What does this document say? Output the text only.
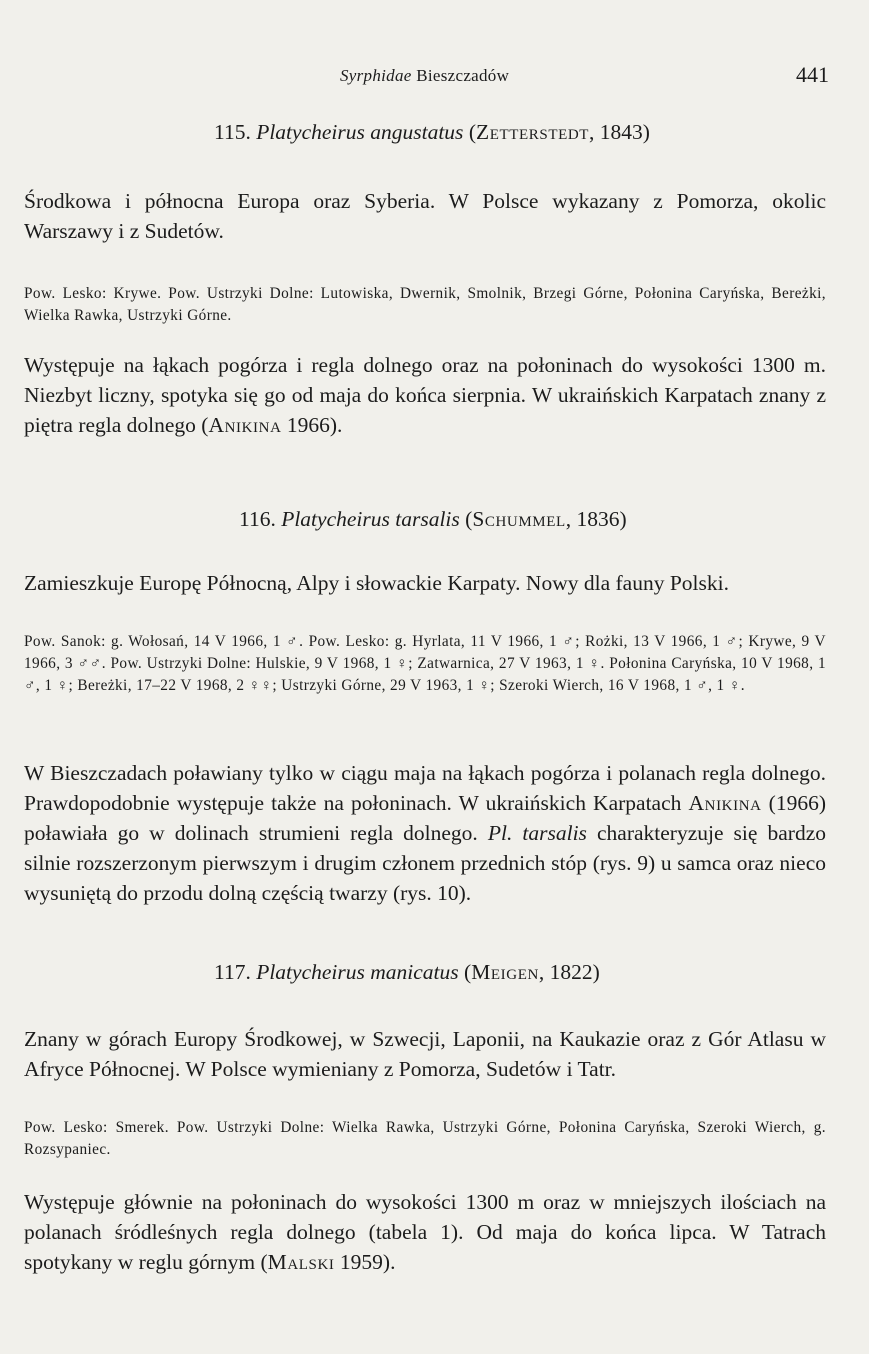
Syrphidae Bieszczadów	441
115. Platycheirus angustatus (Zetterstedt, 1843)
Środkowa i północna Europa oraz Syberia. W Polsce wykazany z Pomorza, okolic Warszawy i z Sudetów.
Pow. Lesko: Krywe. Pow. Ustrzyki Dolne: Lutowiska, Dwernik, Smolnik, Brzegi Górne, Połonina Caryńska, Bereżki, Wielka Rawka, Ustrzyki Górne.
Występuje na łąkach pogórza i regla dolnego oraz na połoninach do wysokości 1300 m. Niezbyt liczny, spotyka się go od maja do końca sierpnia. W ukraińskich Karpatach znany z piętra regla dolnego (Anikina 1966).
116. Platycheirus tarsalis (Schummel, 1836)
Zamieszkuje Europę Północną, Alpy i słowackie Karpaty. Nowy dla fauny Polski.
Pow. Sanok: g. Wołosań, 14 V 1966, 1 ♂. Pow. Lesko: g. Hyrlata, 11 V 1966, 1 ♂; Rożki, 13 V 1966, 1 ♂; Krywe, 9 V 1966, 3 ♂♂. Pow. Ustrzyki Dolne: Hulskie, 9 V 1968, 1 ♀; Zatwarnica, 27 V 1963, 1 ♀. Połonina Caryńska, 10 V 1968, 1 ♂, 1 ♀; Bereżki, 17–22 V 1968, 2 ♀♀; Ustrzyki Górne, 29 V 1963, 1 ♀; Szeroki Wierch, 16 V 1968, 1 ♂, 1 ♀.
W Bieszczadach poławiany tylko w ciągu maja na łąkach pogórza i polanach regla dolnego. Prawdopodobnie występuje także na połoninach. W ukraińskich Karpatach Anikina (1966) poławiała go w dolinach strumieni regla dolnego. Pl. tarsalis charakteryzuje się bardzo silnie rozszerzonym pierwszym i drugim członem przednich stóp (rys. 9) u samca oraz nieco wysuniętą do przodu dolną częścią twarzy (rys. 10).
117. Platycheirus manicatus (Meigen, 1822)
Znany w górach Europy Środkowej, w Szwecji, Laponii, na Kaukazie oraz z Gór Atlasu w Afryce Północnej. W Polsce wymieniany z Pomorza, Sudetów i Tatr.
Pow. Lesko: Smerek. Pow. Ustrzyki Dolne: Wielka Rawka, Ustrzyki Górne, Połonina Caryńska, Szeroki Wierch, g. Rozsypaniec.
Występuje głównie na połoninach do wysokości 1300 m oraz w mniejszych ilościach na polanach śródleśnych regla dolnego (tabela 1). Od maja do końca lipca. W Tatrach spotykany w reglu górnym (Malski 1959).
